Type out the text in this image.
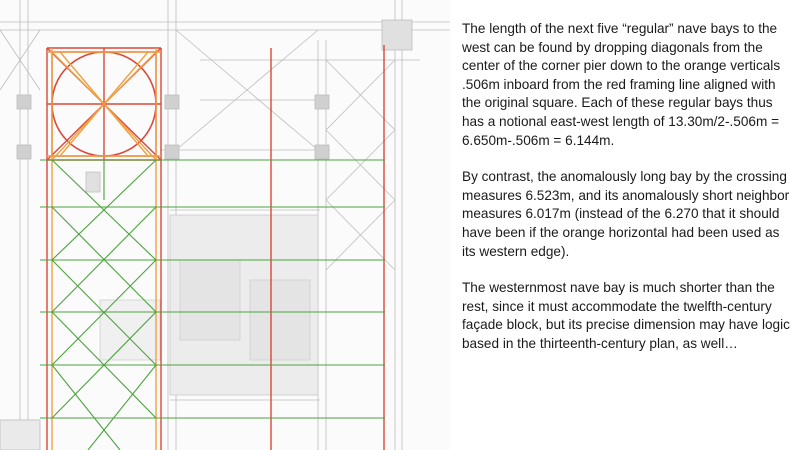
The length of the next five “regular” nave bays to the west can be found by dropping diagonals from the center of the corner pier down to the orange verticals .506m inboard from the red framing line aligned with the original square. Each of these regular bays thus has a notional east-west length of 13.30m/2-.506m = 6.650m-.506m = 6.144m.

By contrast, the anomalously long bay by the crossing measures 6.523m, and its anomalously short neighbor measures 6.017m (instead of the 6.270 that it should have been if the orange horizontal had been used as its western edge).

The westernmost nave bay is much shorter than the rest, since it must accommodate the twelfth-century façade block, but its precise dimension may have logic based in the thirteenth-century plan, as well…
